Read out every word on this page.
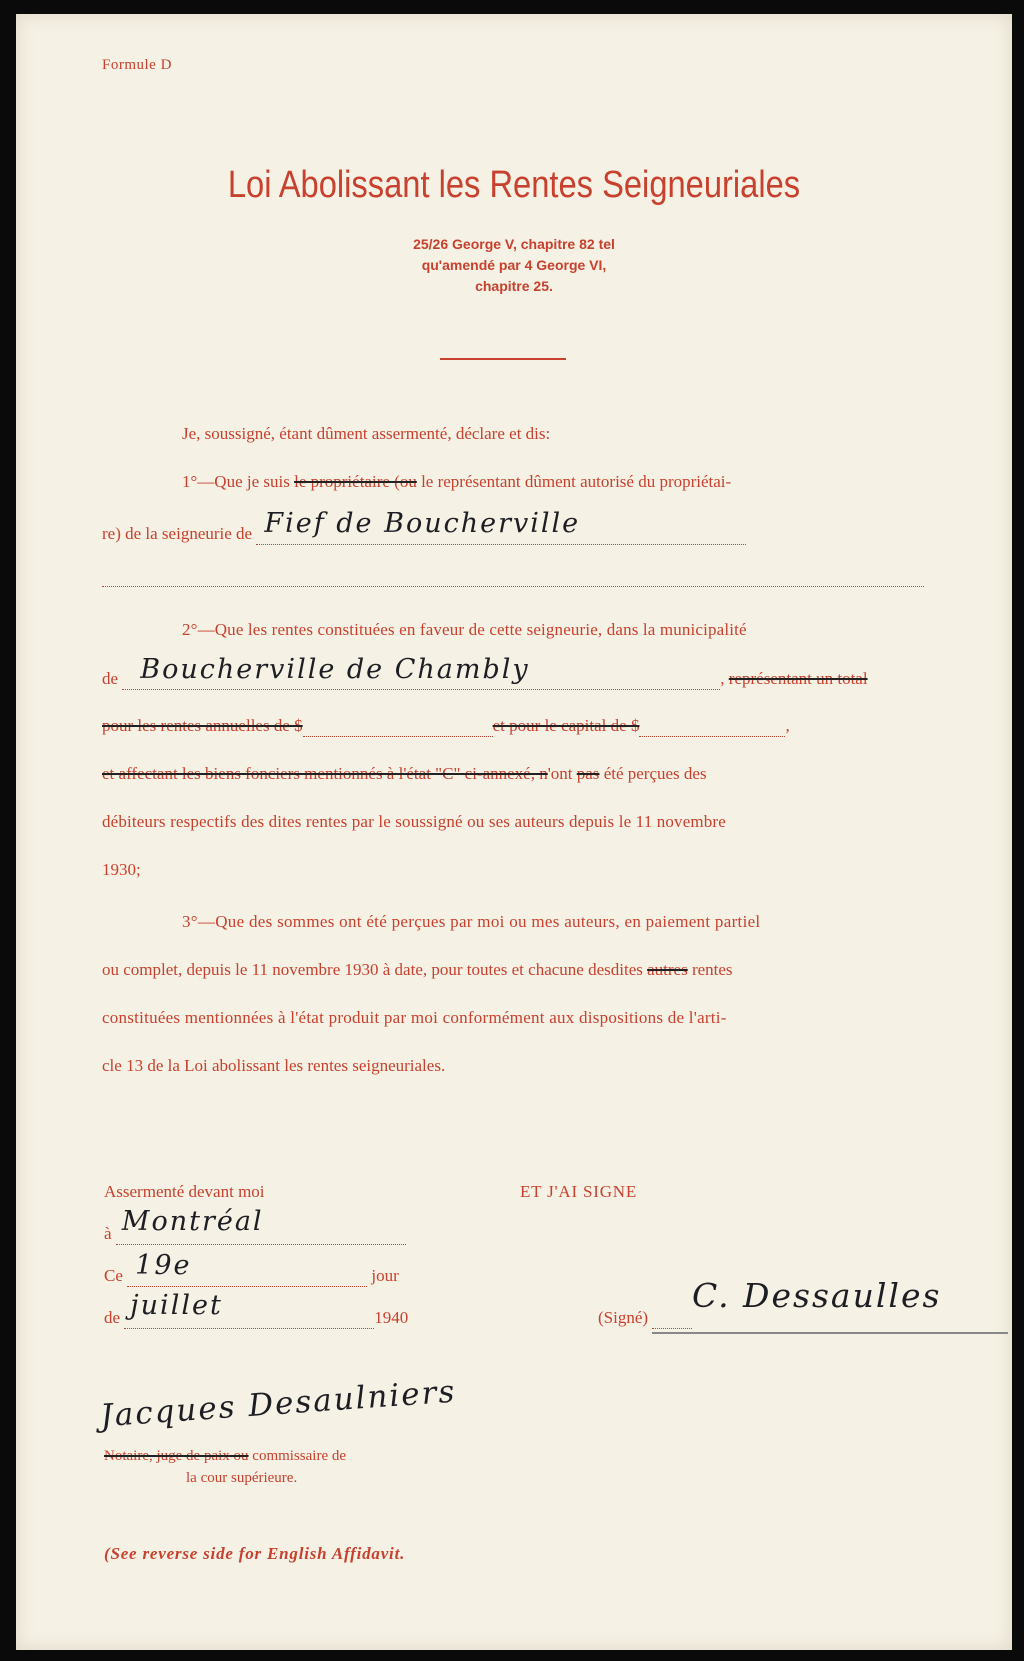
Formule D
Loi Abolissant les Rentes Seigneuriales
25/26 George V, chapitre 82 tel
qu'amendé par 4 George VI,
chapitre 25.
Je, soussigné, étant dûment assermenté, déclare et dis:
1°—Que je suis le propriétaire (ou le représentant dûment autorisé du propriétai-
re) de la seigneurie de Fief de Boucherville

2°—Que les rentes constituées en faveur de cette seigneurie, dans la municipalité
de Boucherville de Chambly	, représentant un total
pour les rentes annuelles de $	et pour le capital de $	,
et affectant les biens fonciers mentionnés à l'état "C" ci-annexé, n'ont pas été perçues des
débiteurs respectifs des dites rentes par le soussigné ou ses auteurs depuis le 11 novembre
1930;
3°—Que des sommes ont été perçues par moi ou mes auteurs, en paiement partiel
ou complet, depuis le 11 novembre 1930 à date, pour toutes et chacune desdites autres rentes
constituées mentionnées à l'état produit par moi conformément aux dispositions de l'arti-
cle 13 de la Loi abolissant les rentes seigneuriales.
Assermenté devant moi
à Montréal

Ce 19e	jour
de juillet	1940
Jacques Desaulniers
Notaire, juge de paix ou commissaire de
la cour supérieure.
ET J'AI SIGNE
(Signé)
C. Dessaulles
(See reverse side for English Affidavit.
